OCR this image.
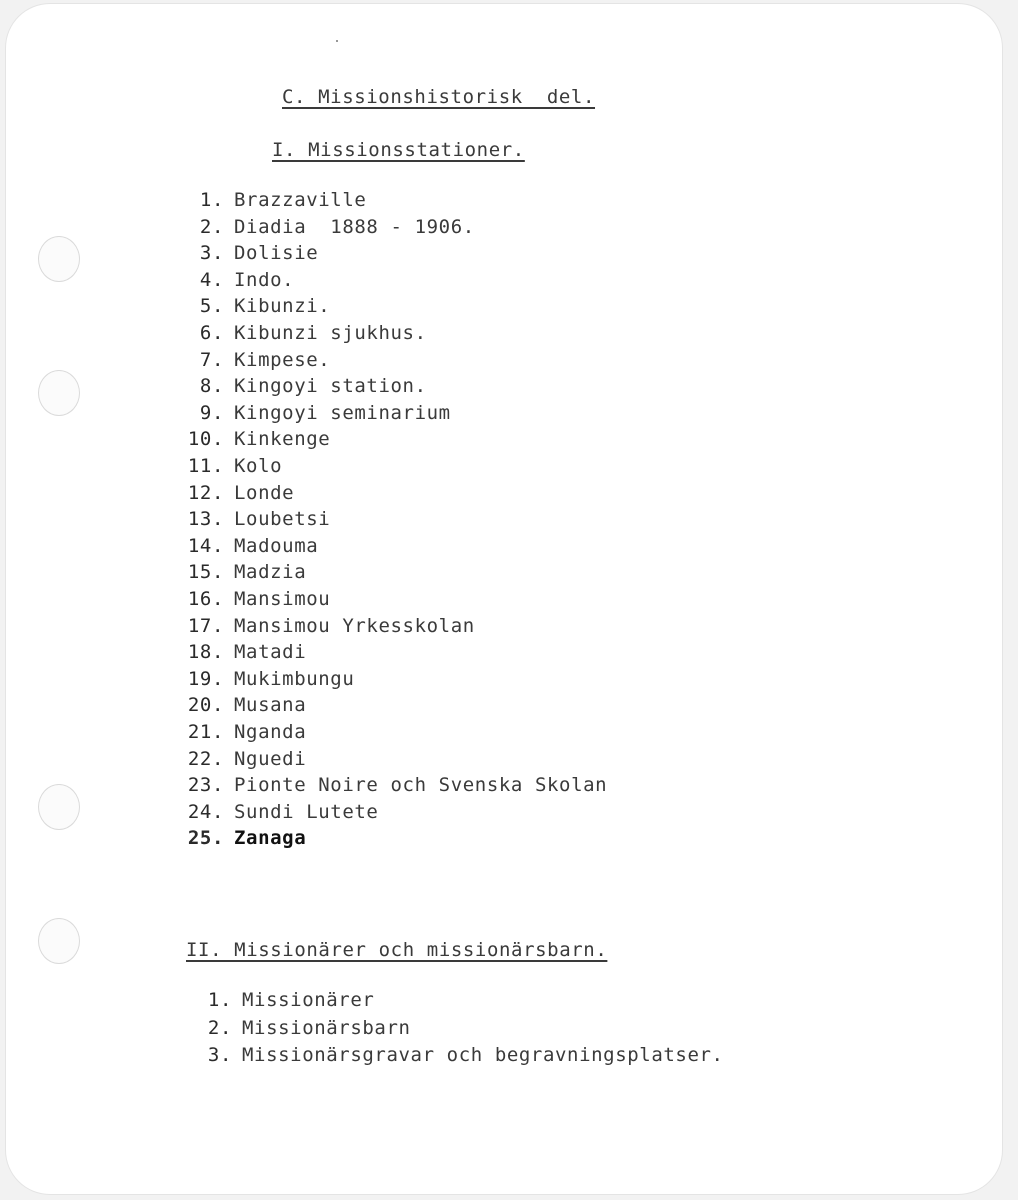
C. Missionshistorisk  del.
I. Missionsstationer.
1. Brazzaville
2. Diadia  1888 - 1906.
3. Dolisie
4. Indo.
5. Kibunzi.
6. Kibunzi sjukhus.
7. Kimpese.
8. Kingoyi station.
9. Kingoyi seminarium
10. Kinkenge
11. Kolo
12. Londe
13. Loubetsi
14. Madouma
15. Madzia
16. Mansimou
17. Mansimou Yrkesskolan
18. Matadi
19. Mukimbungu
20. Musana
21. Nganda
22. Nguedi
23. Pionte Noire och Svenska Skolan
24. Sundi Lutete
25. Zanaga
II. Missionärer och missionärsbarn.
1. Missionärer
2. Missionärsbarn
3. Missionärsgravar och begravningsplatser.
